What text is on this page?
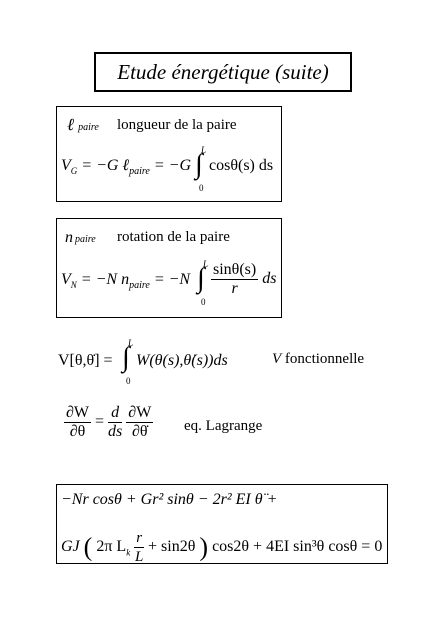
Etude énergétique (suite)
ℓpaire longueur de la paire
$V_G = -G$ ℓ$_{paire}$ = −G
L
∫
0
cosθ(s) ds
npaire rotation de la paire
$V_N = -N$ $n_{paire} = -N$
L
∫
0
$\frac{\sin\theta(s)}{r}$ ds
V[θ,θ̇] =
L
∫
0
W(θ(s),θ̇(s))ds	V fonctionnelle
$\frac{\partial W}{\partial\theta} = \frac{d}{ds}$
$\frac{\partial W}{\partial\thetȧ}$ eq. Lagrange
−Nr cosθ + Gr² sinθ − 2r² EI θ̈ +
GJ ( 2π $L_k \frac{r}{L} + \sin 2\theta$ ) cos2θ + 4EI sin³θ cosθ = 0
